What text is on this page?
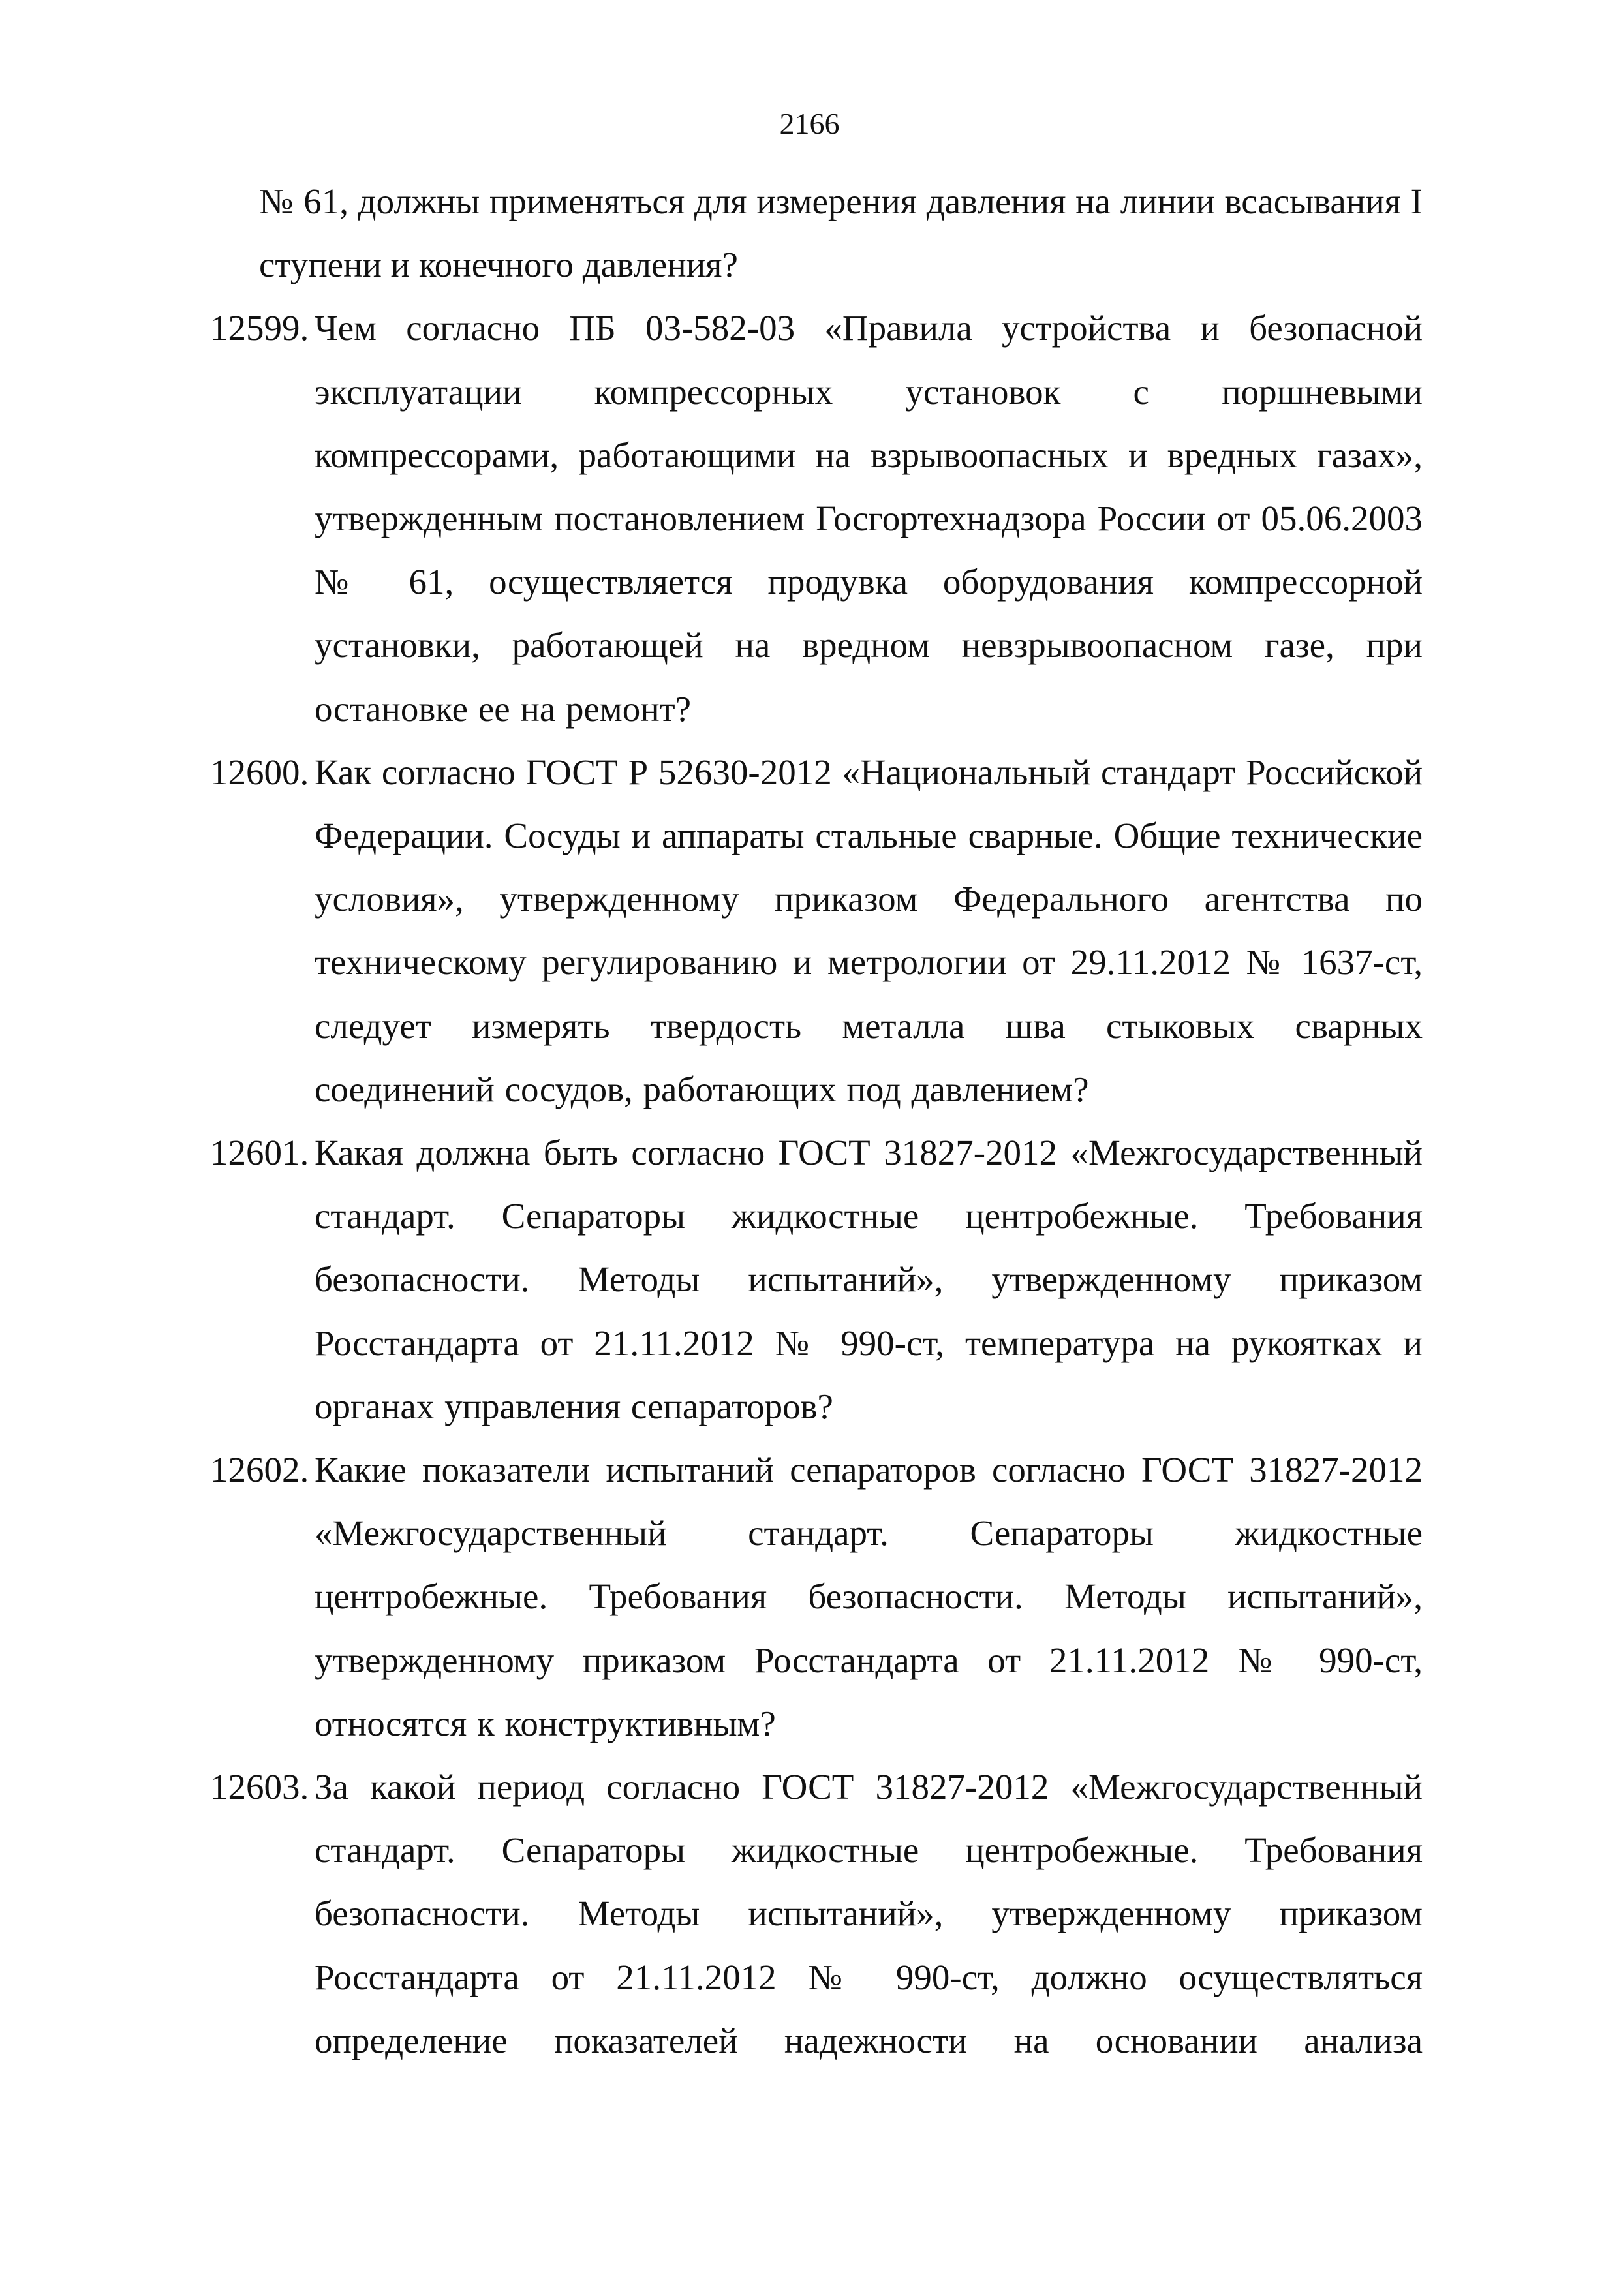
2166

№ 61, должны применяться для измерения давления на линии всасывания I ступени и конечного давления?

12599. Чем согласно ПБ 03-582-03 «Правила устройства и безопасной эксплуатации компрессорных установок с поршневыми компрессорами, работающими на взрывоопасных и вредных газах», утвержденным постановлением Госгортехнадзора России от 05.06.2003 № 61, осуществляется продувка оборудования компрессорной установки, работающей на вредном невзрывоопасном газе, при остановке ее на ремонт?
12600. Как согласно ГОСТ Р 52630-2012 «Национальный стандарт Российской Федерации. Сосуды и аппараты стальные сварные. Общие технические условия», утвержденному приказом Федерального агентства по техническому регулированию и метрологии от 29.11.2012 № 1637-ст, следует измерять твердость металла шва стыковых сварных соединений сосудов, работающих под давлением?
12601. Какая должна быть согласно ГОСТ 31827-2012 «Межгосударственный стандарт. Сепараторы жидкостные центробежные. Требования безопасности. Методы испытаний», утвержденному приказом Росстандарта от 21.11.2012 № 990-ст, температура на рукоятках и органах управления сепараторов?
12602. Какие показатели испытаний сепараторов согласно ГОСТ 31827-2012 «Межгосударственный стандарт. Сепараторы жидкостные центробежные. Требования безопасности. Методы испытаний», утвержденному приказом Росстандарта от 21.11.2012 № 990-ст, относятся к конструктивным?
12603. За какой период согласно ГОСТ 31827-2012 «Межгосударственный стандарт. Сепараторы жидкостные центробежные. Требования безопасности. Методы испытаний», утвержденному приказом Росстандарта от 21.11.2012 № 990-ст, должно осуществляться определение показателей надежности на основании анализа
